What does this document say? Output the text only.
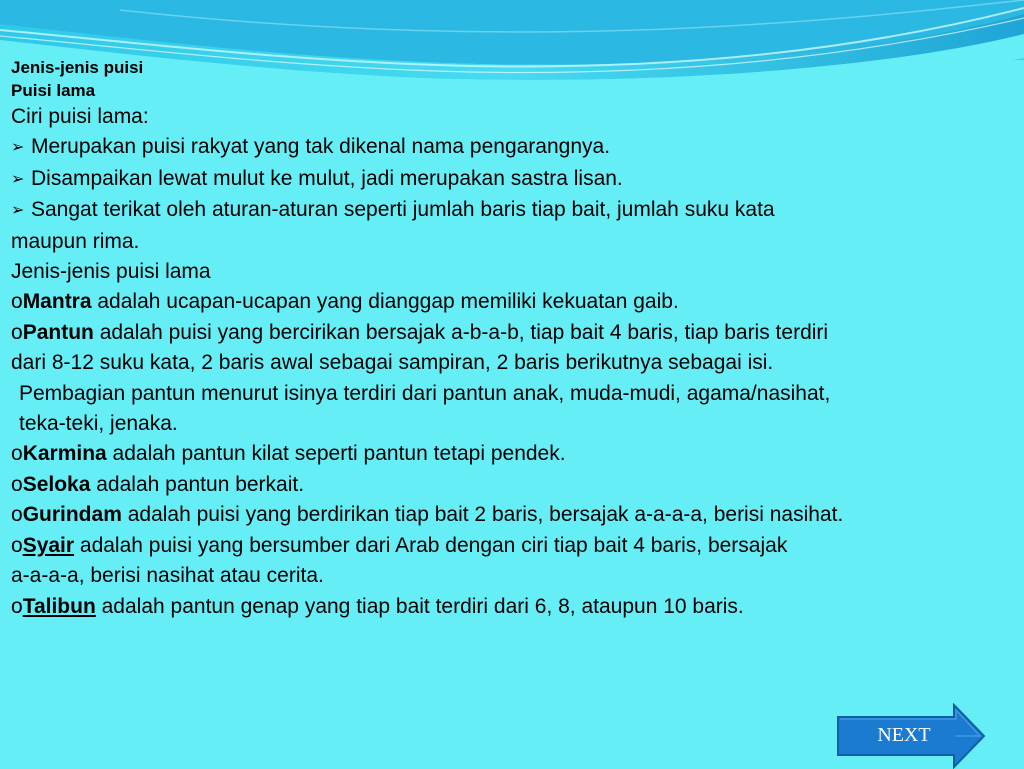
Jenis-jenis puisi

Puisi lama

Ciri puisi lama:

➢ Merupakan puisi rakyat yang tak dikenal nama pengarangnya.

➢ Disampaikan lewat mulut ke mulut, jadi merupakan sastra lisan.

➢ Sangat terikat oleh aturan-aturan seperti jumlah baris tiap bait, jumlah suku kata

maupun rima.

Jenis-jenis puisi lama

oMantra adalah ucapan-ucapan yang dianggap memiliki kekuatan gaib.

oPantun adalah puisi yang bercirikan bersajak a-b-a-b, tiap bait 4 baris, tiap baris terdiri

dari 8-12 suku kata, 2 baris awal sebagai sampiran, 2 baris berikutnya sebagai isi.

Pembagian pantun menurut isinya terdiri dari pantun anak, muda-mudi, agama/nasihat,

teka-teki, jenaka.

oKarmina adalah pantun kilat seperti pantun tetapi pendek.

oSeloka adalah pantun berkait.

oGurindam adalah puisi yang berdirikan tiap bait 2 baris, bersajak a-a-a-a, berisi nasihat.

oSyair adalah puisi yang bersumber dari Arab dengan ciri tiap bait 4 baris, bersajak

a-a-a-a, berisi nasihat atau cerita.

oTalibun adalah pantun genap yang tiap bait terdiri dari 6, 8, ataupun 10 baris.

NEXT
